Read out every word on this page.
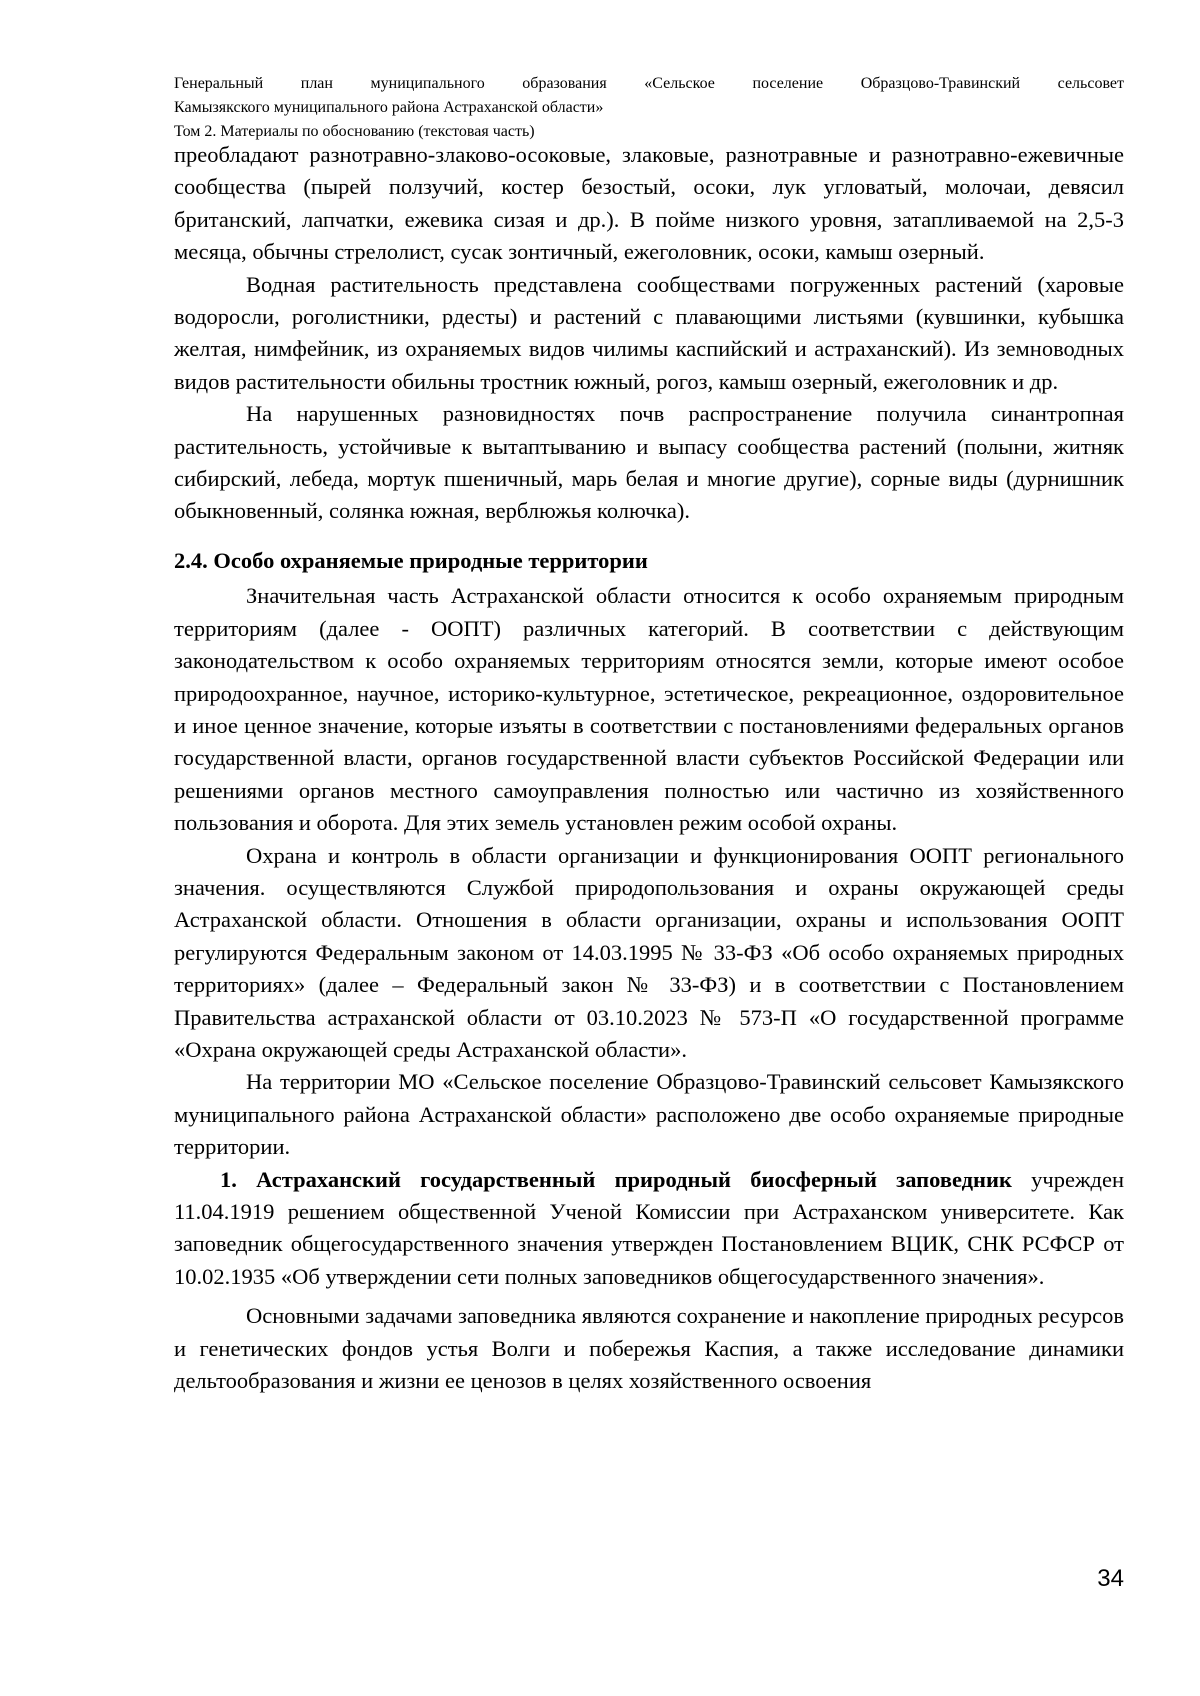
Генеральный план муниципального образования «Сельское поселение Образцово-Травинский сельсовет
Камызякского муниципального района Астраханской области»
Том 2. Материалы по обоснованию (текстовая часть)

преобладают разнотравно-злаково-осоковые, злаковые, разнотравные и разнотравно-ежевичные сообщества (пырей ползучий, костер безостый, осоки, лук угловатый, молочаи, девясил британский, лапчатки, ежевика сизая и др.). В пойме низкого уровня, затапливаемой на 2,5-3 месяца, обычны стрелолист, сусак зонтичный, ежеголовник, осоки, камыш озерный.

Водная растительность представлена сообществами погруженных растений (харовые водоросли, роголистники, рдесты) и растений с плавающими листьями (кувшинки, кубышка желтая, нимфейник, из охраняемых видов чилимы каспийский и астраханский). Из земноводных видов растительности обильны тростник южный, рогоз, камыш озерный, ежеголовник и др.

На нарушенных разновидностях почв распространение получила синантропная растительность, устойчивые к вытаптыванию и выпасу сообщества растений (полыни, житняк сибирский, лебеда, мортук пшеничный, марь белая и многие другие), сорные виды (дурнишник обыкновенный, солянка южная, верблюжья колючка).

2.4. Особо охраняемые природные территории

Значительная часть Астраханской области относится к особо охраняемым природным территориям (далее - ООПТ) различных категорий. В соответствии с действующим законодательством к особо охраняемых территориям относятся земли, которые имеют особое природоохранное, научное, историко-культурное, эстетическое, рекреационное, оздоровительное и иное ценное значение, которые изъяты в соответствии с постановлениями федеральных органов государственной власти, органов государственной власти субъектов Российской Федерации или решениями органов местного самоуправления полностью или частично из хозяйственного пользования и оборота. Для этих земель установлен режим особой охраны.

Охрана и контроль в области организации и функционирования ООПТ регионального значения. осуществляются Службой природопользования и охраны окружающей среды Астраханской области. Отношения в области организации, охраны и использования ООПТ регулируются Федеральным законом от 14.03.1995 № 33-ФЗ «Об особо охраняемых природных территориях» (далее – Федеральный закон № 33-ФЗ) и в соответствии с Постановлением Правительства астраханской области от 03.10.2023 № 573-П «О государственной программе «Охрана окружающей среды Астраханской области».

На территории МО «Сельское поселение Образцово-Травинский сельсовет Камызякского муниципального района Астраханской области» расположено две особо охраняемые природные территории.

1. Астраханский государственный природный биосферный заповедник учрежден 11.04.1919 решением общественной Ученой Комиссии при Астраханском университете. Как заповедник общегосударственного значения утвержден Постановлением ВЦИК, СНК РСФСР от 10.02.1935 «Об утверждении сети полных заповедников общегосударственного значения».

Основными задачами заповедника являются сохранение и накопление природных ресурсов и генетических фондов устья Волги и побережья Каспия, а также исследование динамики дельтообразования и жизни ее ценозов в целях хозяйственного освоения

34
